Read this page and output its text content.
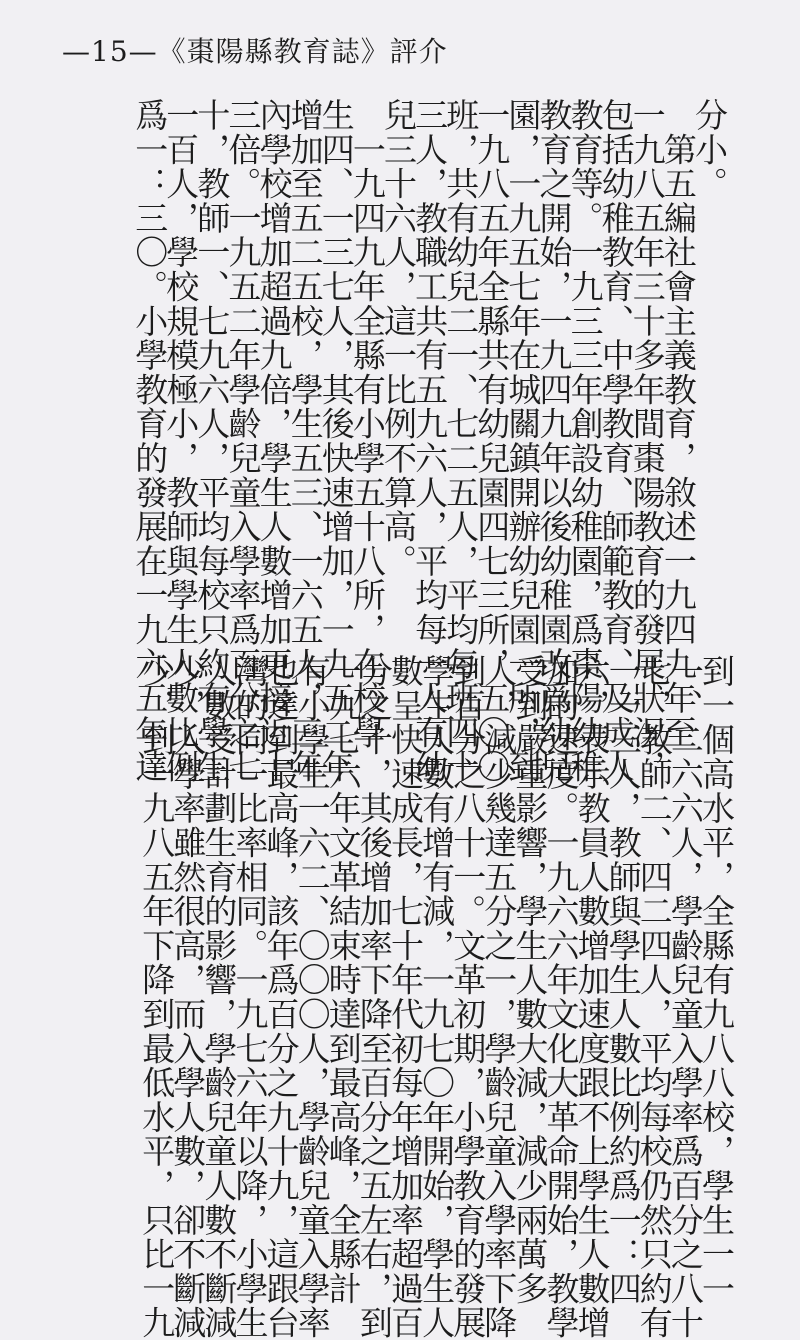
—15—《棗陽縣教育誌》評介
分小。
　第五編社會主義教育，敘述一九四九年至
一九八五年三十多年間棗陽教育的發展狀況，
包括幼稚教育、中學教育、師範教育、及成人
教育等。一九三三年創設幼稚園，爲棗陽幼稚
教育之開始，一九四九年以後幼稚園改爲幼兒
園，一九五七年在城關鎮開辦幼兒園一所，到
一九八五年全縣共有幼兒園四七三所，五〇〇
班，共有幼兒二一、七二五人，平均每班四十
三人，教職工共有五九六人，平均每一人有幼
兒三十六人，這一比例不算高。
　一九四九年全縣有小學五十八所，在校學
生四、一三七人，其後快速增加，一九五二年
增加至五二五校，學生五三、一六五人，三年
內學校增加超過九倍，學生人數增加更接近十
三倍。一九五二年學齡兒童入學率爲百分之七
十，教師一、七九六人，平均每校只約有學生
一百人，學校規模極小，教師與學生人數比例
爲一：三〇。小學教育的發展在一九六五年達
到一個高水平，全縣有九八八校，學生一一
一、二六六人，學齡兒童入學率爲百分之八十
七，教師二、四二四人，平均每校仍然只約有
一一三人，教師與學生人數比例約爲一：四
六，表示教員人數增加速度跟不上學生人數增
加的速度。一九六六年文化大革命開始，教學
受到嚴重影響，學生人數大減，減少兩萬多
人，減少幾達五分之一，學齡兒童入學率下降
到百分之八十一。文革初期，小學教育的發展
學生人數有增有減，一九七〇年開始，學生人
數呈快速成長，七十年代初每年增加率超過百
分之十，其後增加率下降至百分之五左右，到
一九七六年文革結束時達到最高峰，全縣計
有小學生一六二、〇〇〇人，學齡兒童入學率
也達到最高峰，該年爲百分之九十九，這跟台
灣的同一比率相同。一九七六年以降，小學生
人數受計劃生育的影響，學齡兒童人數不斷減
少，入學率雖然很高，而入學人數，卻不斷減
少，到一九八五年下降到最低水平，只比一九
